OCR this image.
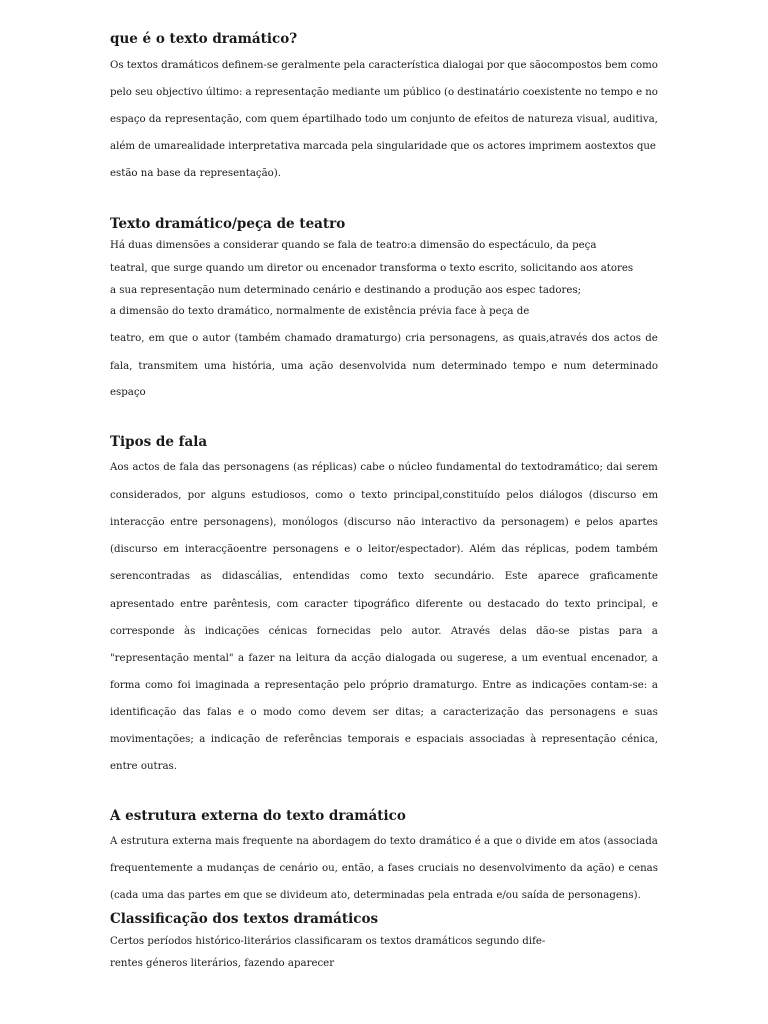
que é o texto dramático?
Os textos dramáticos definem-se geralmente pela característica dialogai por que sãocompostos bem como
pelo seu objectivo último: a representação mediante um público (o destinatário coexistente no tempo e no
espaço da representação, com quem épartilhado todo um conjunto de efeitos de natureza visual, auditiva,
além de umarealidade interpretativa marcada pela singularidade que os actores imprimem aostextos que
estão na base da representação).
Texto dramático/peça de teatro
Há duas dimensões a considerar quando se fala de teatro:a dimensão do espectáculo, da peça
teatral, que surge quando um diretor ou encenador transforma o texto escrito, solicitando aos atores
a sua representação num determinado cenário e destinando a produção aos espec tadores;
a dimensão do texto dramático, normalmente de existência prévia face à peça de
teatro, em que o autor (também chamado dramaturgo) cria personagens, as quais,através dos actos de
fala, transmitem uma história, uma ação desenvolvida num determinado tempo e num determinado
espaço
Tipos de fala
Aos actos de fala das personagens (as réplicas) cabe o núcleo fundamental do textodramático; dai serem
considerados, por alguns estudiosos, como o texto principal,constituído pelos diálogos (discurso em
interacção entre personagens), monólogos (discurso não interactivo da personagem) e pelos apartes
(discurso em interacçãoentre personagens e o leitor/espectador). Além das réplicas, podem também
serencontradas as didascálias, entendidas como texto secundário. Este aparece graficamente
apresentado entre parêntesis, com caracter tipográfico diferente ou destacado do texto principal, e
corresponde às indicações cénicas fornecidas pelo autor. Através delas dão-se pistas para a
"representação mental" a fazer na leitura da acção dialogada ou sugerese, a um eventual encenador, a
forma como foi imaginada a representação pelo próprio dramaturgo. Entre as indicações contam-se: a
identificação das falas e o modo como devem ser ditas; a caracterização das personagens e suas
movimentações; a indicação de referências temporais e espaciais associadas à representação cénica,
entre outras.
A estrutura externa do texto dramático
A estrutura externa mais frequente na abordagem do texto dramático é a que o divide em atos (associada
frequentemente a mudanças de cenário ou, então, a fases cruciais no desenvolvimento da ação) e cenas
(cada uma das partes em que se divideum ato, determinadas pela entrada e/ou saída de personagens).
Classificação dos textos dramáticos
Certos períodos histórico-literários classificaram os textos dramáticos segundo dife-
rentes géneros literários, fazendo aparecer
